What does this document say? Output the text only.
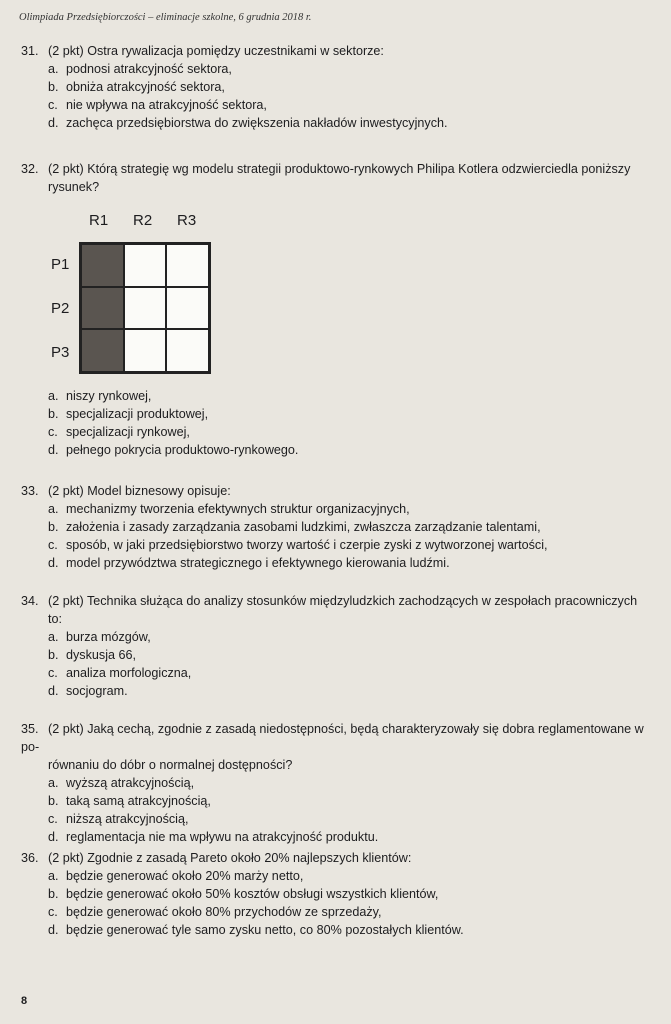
Olimpiada Przedsiębiorczości – eliminacje szkolne, 6 grudnia 2018 r.
31. (2 pkt) Ostra rywalizacja pomiędzy uczestnikami w sektorze:
a. podnosi atrakcyjność sektora,
b. obniża atrakcyjność sektora,
c. nie wpływa na atrakcyjność sektora,
d. zachęca przedsiębiorstwa do zwiększenia nakładów inwestycyjnych.
32. (2 pkt) Którą strategię wg modelu strategii produktowo-rynkowych Philipa Kotlera odzwierciedla poniższy
rysunek?
R1 R2 R3
P1
P2
P3
a. niszy rynkowej,
b. specjalizacji produktowej,
c. specjalizacji rynkowej,
d. pełnego pokrycia produktowo-rynkowego.
33. (2 pkt) Model biznesowy opisuje:
a. mechanizmy tworzenia efektywnych struktur organizacyjnych,
b. założenia i zasady zarządzania zasobami ludzkimi, zwłaszcza zarządzanie talentami,
c. sposób, w jaki przedsiębiorstwo tworzy wartość i czerpie zyski z wytworzonej wartości,
d. model przywództwa strategicznego i efektywnego kierowania ludźmi.
34. (2 pkt) Technika służąca do analizy stosunków międzyludzkich zachodzących w zespołach pracowniczych
to:
a. burza mózgów,
b. dyskusja 66,
c. analiza morfologiczna,
d. socjogram.
35. (2 pkt) Jaką cechą, zgodnie z zasadą niedostępności, będą charakteryzowały się dobra reglamentowane w po-
równaniu do dóbr o normalnej dostępności?
a. wyższą atrakcyjnością,
b. taką samą atrakcyjnością,
c. niższą atrakcyjnością,
d. reglamentacja nie ma wpływu na atrakcyjność produktu.
36. (2 pkt) Zgodnie z zasadą Pareto około 20% najlepszych klientów:
a. będzie generować około 20% marży netto,
b. będzie generować około 50% kosztów obsługi wszystkich klientów,
c. będzie generować około 80% przychodów ze sprzedaży,
d. będzie generować tyle samo zysku netto, co 80% pozostałych klientów.
8
